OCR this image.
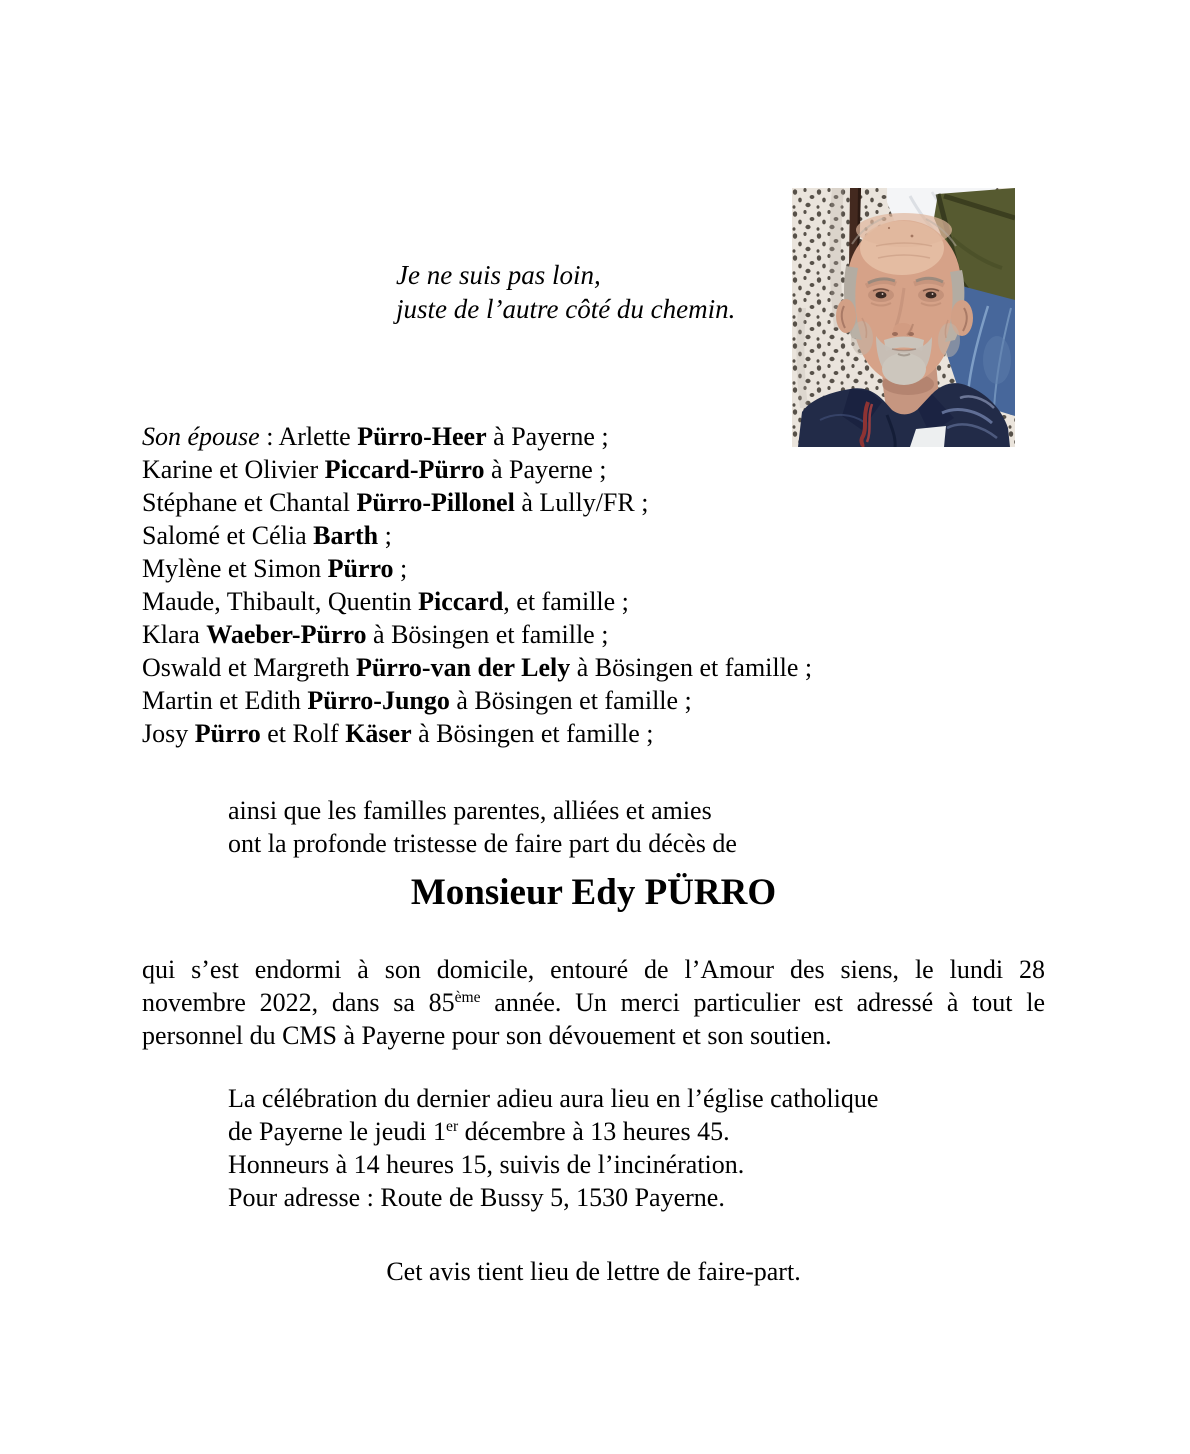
Je ne suis pas loin,
juste de l’autre côté du chemin.
Son épouse : Arlette Pürro-Heer à Payerne ;
Karine et Olivier Piccard-Pürro à Payerne ;
Stéphane et Chantal Pürro-Pillonel à Lully/FR ;
Salomé et Célia Barth ;
Mylène et Simon Pürro ;
Maude, Thibault, Quentin Piccard, et famille ;
Klara Waeber-Pürro à Bösingen et famille ;
Oswald et Margreth Pürro-van der Lely à Bösingen et famille ;
Martin et Edith Pürro-Jungo à Bösingen et famille ;
Josy Pürro et Rolf Käser à Bösingen et famille ;
ainsi que les familles parentes, alliées et amies
ont la profonde tristesse de faire part du décès de
Monsieur Edy PÜRRO
qui s’est endormi à son domicile, entouré de l’Amour des siens, le lundi 28
novembre 2022, dans sa 85ème année. Un merci particulier est adressé à tout le
personnel du CMS à Payerne pour son dévouement et son soutien.
La célébration du dernier adieu aura lieu en l’église catholique
de Payerne le jeudi 1er décembre à 13 heures 45.
Honneurs à 14 heures 15, suivis de l’incinération.
Pour adresse : Route de Bussy 5, 1530 Payerne.
Cet avis tient lieu de lettre de faire-part.
